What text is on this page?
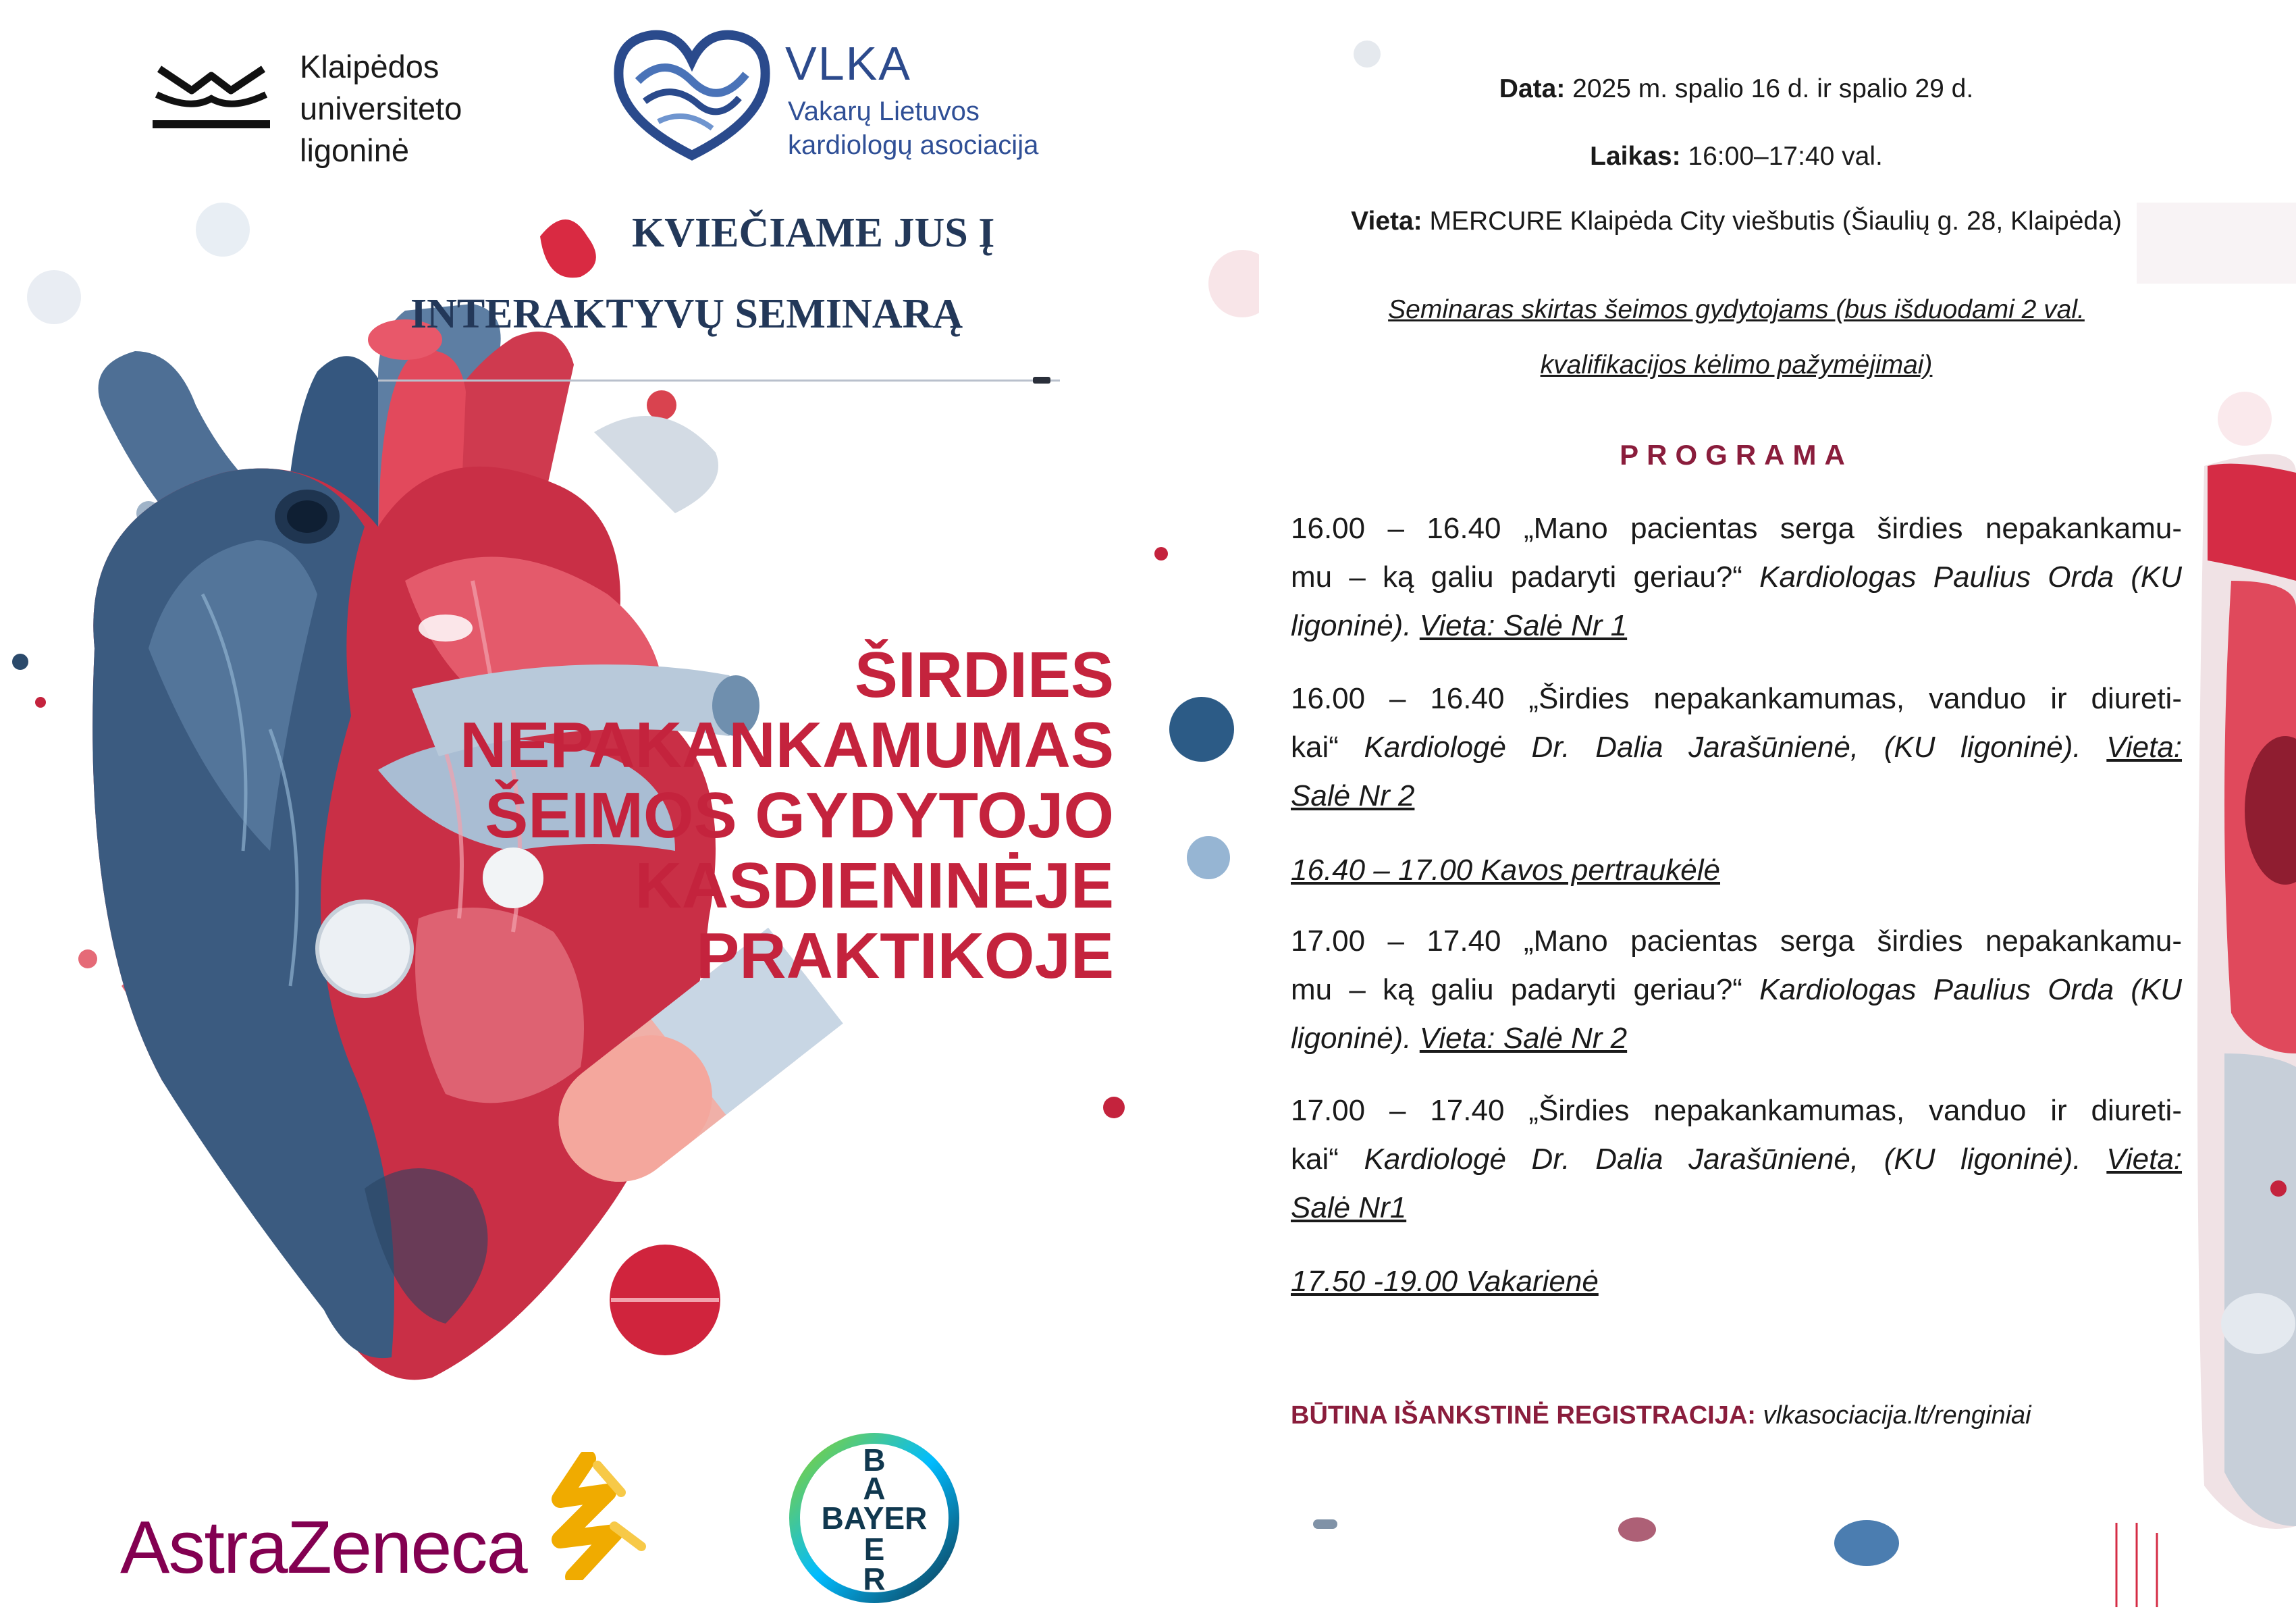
Klaipėdos
universiteto
ligoninė
VLKA
Vakarų Lietuvos
kardiologų asociacija
KVIEČIAME JUS Į
INTERAKTYVŲ SEMINARĄ
ŠIRDIES
NEPAKANKAMUMAS
ŠEIMOS GYDYTOJO
KASDIENINĖJE
PRAKTIKOJE
AstraZeneca
B
A
BAYER
E
R
Data: 2025 m. spalio 16 d. ir spalio 29 d.
Laikas: 16:00–17:40 val.
Vieta: MERCURE Klaipėda City viešbutis (Šiaulių g. 28, Klaipėda)
Seminaras skirtas šeimos gydytojams (bus išduodami 2 val.
kvalifikacijos kėlimo pažymėjimai)
PROGRAMA
16.00 – 16.40 „Mano pacientas serga širdies nepakankamu-
mu – ką galiu padaryti geriau?“ Kardiologas Paulius Orda (KU
ligoninė). Vieta: Salė Nr 1
16.00 – 16.40 „Širdies nepakankamumas, vanduo ir diureti-
kai“ Kardiologė Dr. Dalia Jarašūnienė, (KU ligoninė). Vieta:
Salė Nr 2
16.40 – 17.00 Kavos pertraukėlė
17.00 – 17.40 „Mano pacientas serga širdies nepakankamu-
mu – ką galiu padaryti geriau?“ Kardiologas Paulius Orda (KU
ligoninė). Vieta: Salė Nr 2
17.00 – 17.40 „Širdies nepakankamumas, vanduo ir diureti-
kai“ Kardiologė Dr. Dalia Jarašūnienė, (KU ligoninė). Vieta:
Salė Nr1
17.50 -19.00 Vakarienė
BŪTINA IŠANKSTINĖ REGISTRACIJA: vlkasociacija.lt/renginiai
